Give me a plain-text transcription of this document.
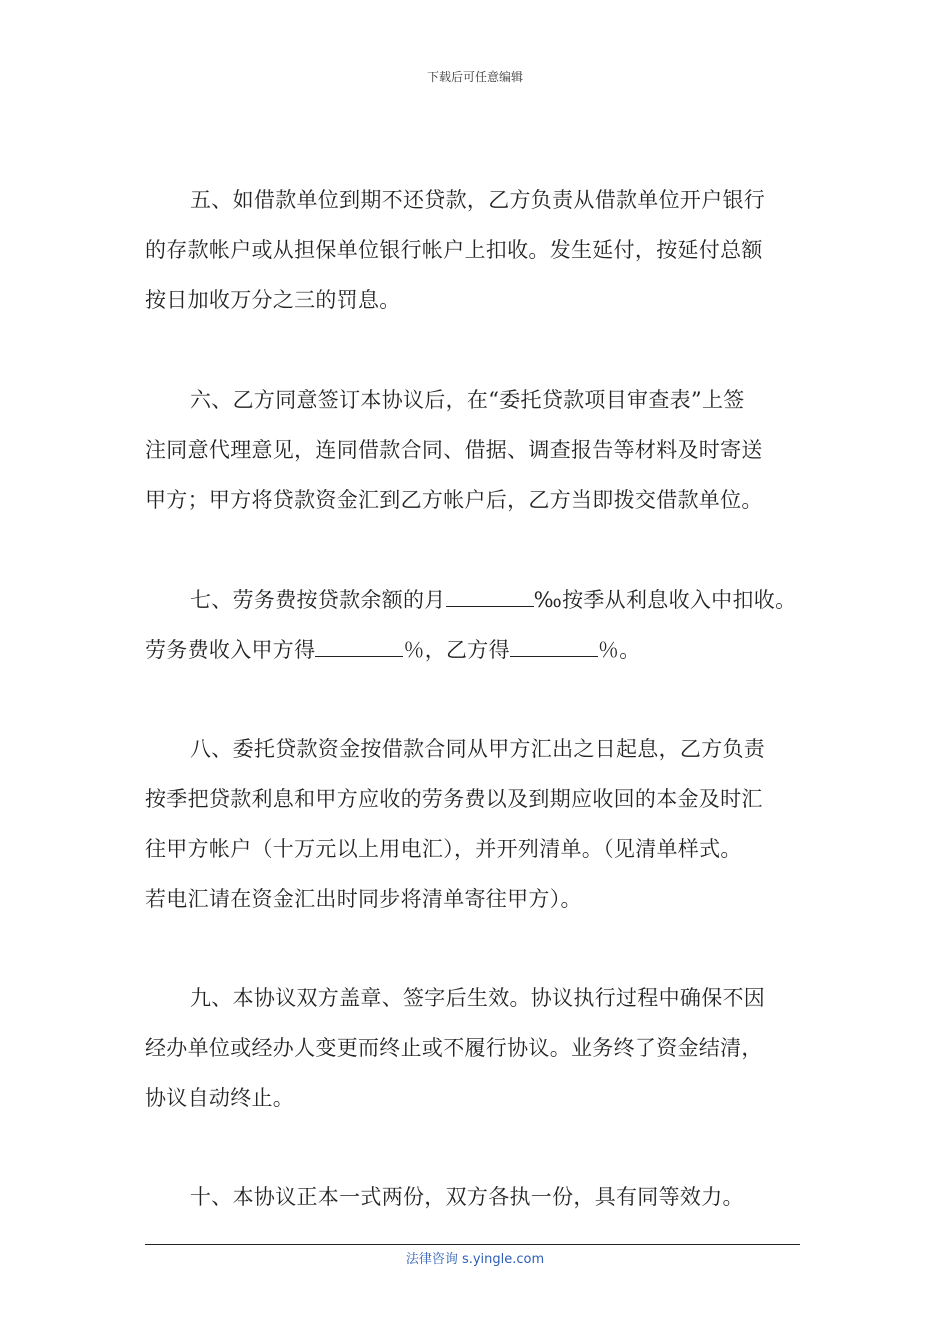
下载后可任意编辑
五、如借款单位到期不还贷款，乙方负责从借款单位开户银行
的存款帐户或从担保单位银行帐户上扣收。发生延付，按延付总额
按日加收万分之三的罚息。
六、乙方同意签订本协议后，在“委托贷款项目审查表”上签
注同意代理意见，连同借款合同、借据、调查报告等材料及时寄送
甲方；甲方将贷款资金汇到乙方帐户后，乙方当即拨交借款单位。
七、劳务费按贷款余额的月	‰按季从利息收入中扣收。
劳务费收入甲方得	％，乙方得	％。
八、委托贷款资金按借款合同从甲方汇出之日起息，乙方负责
按季把贷款利息和甲方应收的劳务费以及到期应收回的本金及时汇
往甲方帐户（十万元以上用电汇），并开列清单。（见清单样式。
若电汇请在资金汇出时同步将清单寄往甲方）。
九、本协议双方盖章、签字后生效。协议执行过程中确保不因
经办单位或经办人变更而终止或不履行协议。业务终了资金结清，
协议自动终止。
十、本协议正本一式两份，双方各执一份，具有同等效力。
法律咨询 s.yingle.com
